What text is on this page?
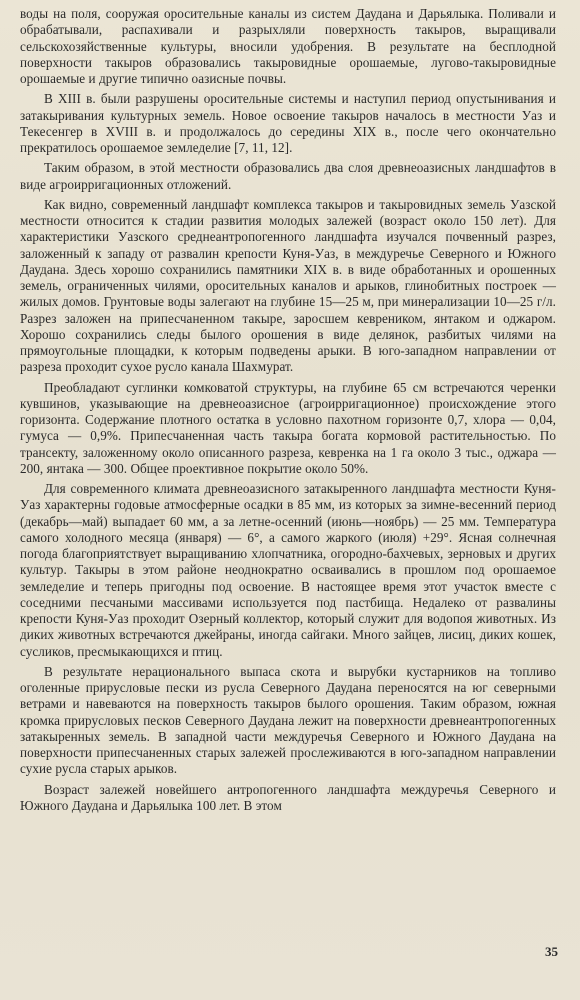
воды на поля, сооружая оросительные каналы из систем Даудана и Дарьялыка. Поливали и обрабатывали, распахивали и разрыхляли поверхность такыров, выращивали сельскохозяйственные культуры, вносили удобрения. В результате на бесплодной поверхности такыров образовались такыровидные орошаемые, лугово-такыровидные орошаемые и другие типично оазисные почвы.

В XIII в. были разрушены оросительные системы и наступил период опустынивания и затакыривания культурных земель. Новое освоение такыров началось в местности Уаз и Текесенгер в XVIII в. и продолжалось до середины XIX в., после чего окончательно прекратилось орошаемое земледелие [7, 11, 12].

Таким образом, в этой местности образовались два слоя древнеоазисных ландшафтов в виде агроирригационных отложений.

Как видно, современный ландшафт комплекса такыров и такыровидных земель Уазской местности относится к стадии развития молодых залежей (возраст около 150 лет). Для характеристики Уазского среднеантропогенного ландшафта изучался почвенный разрез, заложенный к западу от развалин крепости Куня-Уаз, в междуречье Северного и Южного Даудана. Здесь хорошо сохранились памятники XIX в. в виде обработанных и орошенных земель, ограниченных чилями, оросительных каналов и арыков, глинобитных построек — жилых домов. Грунтовые воды залегают на глубине 15—25 м, при минерализации 10—25 г/л. Разрез заложен на припесчаненном такыре, заросшем кевреником, янтаком и оджаром. Хорошо сохранились следы былого орошения в виде делянок, разбитых чилями на прямоугольные площадки, к которым подведены арыки. В юго-западном направлении от разреза проходит сухое русло канала Шахмурат.

Преобладают суглинки комковатой структуры, на глубине 65 см встречаются черенки кувшинов, указывающие на древнеоазисное (агроирригационное) происхождение этого горизонта. Содержание плотного остатка в условно пахотном горизонте 0,7, хлора — 0,04, гумуса — 0,9%. Припесчаненная часть такыра богата кормовой растительностью. По трансекту, заложенному около описанного разреза, кевренка на 1 га около 3 тыс., оджара — 200, янтака — 300. Общее проективное покрытие около 50%.

Для современного климата древнеоазисного затакыренного ландшафта местности Куня-Уаз характерны годовые атмосферные осадки в 85 мм, из которых за зимне-весенний период (декабрь—май) выпадает 60 мм, а за летне-осенний (июнь—ноябрь) — 25 мм. Температура самого холодного месяца (января) — 6°, а самого жаркого (июля) +29°. Ясная солнечная погода благоприятствует выращиванию хлопчатника, огородно-бахчевых, зерновых и других культур. Такыры в этом районе неоднократно осваивались в прошлом под орошаемое земледелие и теперь пригодны под освоение. В настоящее время этот участок вместе с соседними песчаными массивами используется под пастбища. Недалеко от развалины крепости Куня-Уаз проходит Озерный коллектор, который служит для водопоя животных. Из диких животных встречаются джейраны, иногда сайгаки. Много зайцев, лисиц, диких кошек, сусликов, пресмыкающихся и птиц.

В результате нерационального выпаса скота и вырубки кустарников на топливо оголенные прирусловые пески из русла Северного Даудана переносятся на юг северными ветрами и навеваются на поверхность такыров былого орошения. Таким образом, южная кромка прирусловых песков Северного Даудана лежит на поверхности древнеантропогенных затакыренных земель. В западной части междуречья Северного и Южного Даудана на поверхности припесчаненных старых залежей прослеживаются в юго-западном направлении сухие русла старых арыков.

Возраст залежей новейшего антропогенного ландшафта междуречья Северного и Южного Даудана и Дарьялыка 100 лет. В этом

35
